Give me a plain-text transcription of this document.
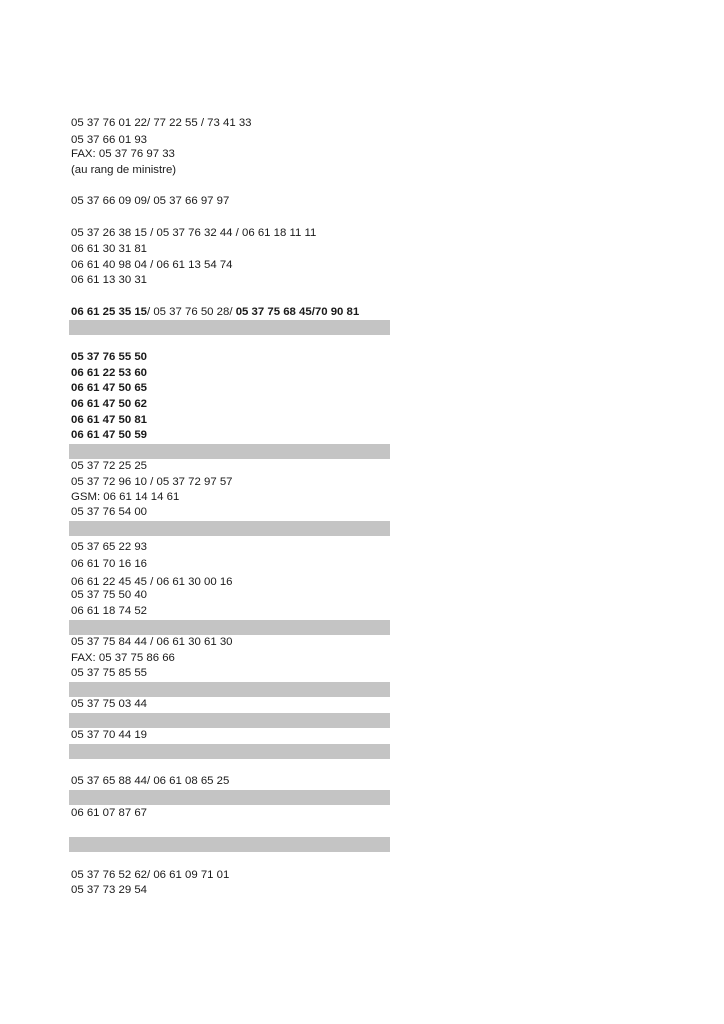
05 37 76 01 22/ 77 22 55 / 73 41 33
05 37 66 01 93
FAX: 05 37 76 97 33
(au rang de ministre)
05 37 66 09 09/ 05 37 66 97 97
05 37 26 38 15 / 05 37 76 32 44 / 06 61 18 11 11
06 61 30 31 81
06 61 40 98 04 / 06 61 13 54 74
06 61 13 30 31
06 61 25 35 15/ 05 37 76 50 28/ 05 37 75 68 45/70 90 81
05 37 76 55 50
06 61 22 53 60
06 61 47 50 65
06 61 47 50 62
06 61 47 50 81
06 61 47 50 59
05 37 72 25 25
05 37 72 96 10 / 05 37 72 97 57
GSM: 06 61 14 14 61
05 37 76 54 00
05 37 65 22 93
06 61 70 16 16
06 61 22 45 45 / 06 61 30 00 16
05 37 75 50 40
06 61 18 74 52
05 37 75 84 44 / 06 61 30 61 30
FAX: 05 37 75 86 66
05 37 75 85 55
05 37 75 03 44
05 37 70 44 19
05 37 65 88 44/ 06 61 08 65 25
06 61 07 87 67
05 37 76 52 62/ 06 61 09 71 01
05 37 73 29 54
